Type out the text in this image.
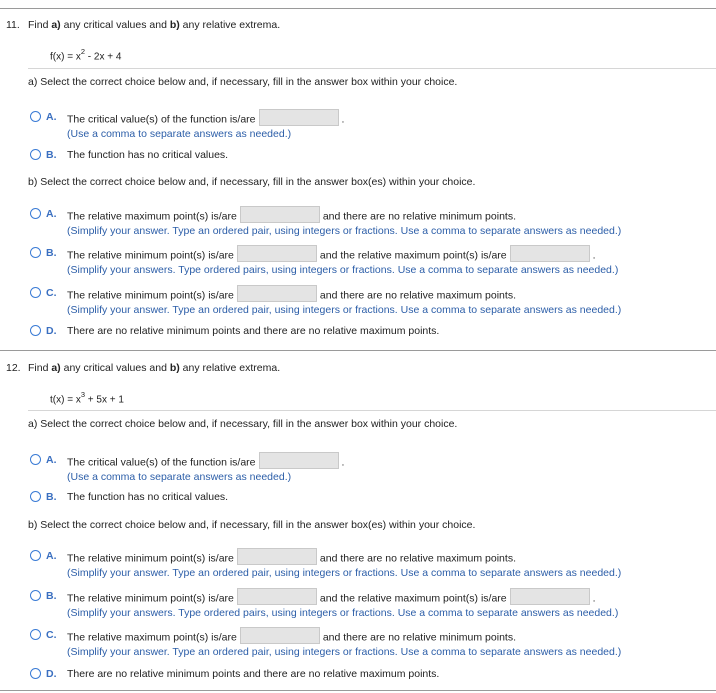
11. Find a) any critical values and b) any relative extrema.
$f(x) = x^2 - 2x + 4$
a) Select the correct choice below and, if necessary, fill in the answer box within your choice.
A. The critical value(s) of the function is/are	.
(Use a comma to separate answers as needed.)
B. The function has no critical values.
b) Select the correct choice below and, if necessary, fill in the answer box(es) within your choice.
A. The relative maximum point(s) is/are	and there are no relative minimum points.
(Simplify your answer. Type an ordered pair, using integers or fractions. Use a comma to separate answers as needed.)
B. The relative minimum point(s) is/are	and the relative maximum point(s) is/are	.
(Simplify your answers. Type ordered pairs, using integers or fractions. Use a comma to separate answers as needed.)
C. The relative minimum point(s) is/are	and there are no relative maximum points.
(Simplify your answer. Type an ordered pair, using integers or fractions. Use a comma to separate answers as needed.)
D. There are no relative minimum points and there are no relative maximum points.
12. Find a) any critical values and b) any relative extrema.
$t(x) = x^3 + 5x + 1$
a) Select the correct choice below and, if necessary, fill in the answer box within your choice.
A. The critical value(s) of the function is/are	.
(Use a comma to separate answers as needed.)
B. The function has no critical values.
b) Select the correct choice below and, if necessary, fill in the answer box(es) within your choice.
A. The relative minimum point(s) is/are	and there are no relative maximum points.
(Simplify your answer. Type an ordered pair, using integers or fractions. Use a comma to separate answers as needed.)
B. The relative minimum point(s) is/are	and the relative maximum point(s) is/are	.
(Simplify your answers. Type ordered pairs, using integers or fractions. Use a comma to separate answers as needed.)
C. The relative maximum point(s) is/are	and there are no relative minimum points.
(Simplify your answer. Type an ordered pair, using integers or fractions. Use a comma to separate answers as needed.)
D. There are no relative minimum points and there are no relative maximum points.
